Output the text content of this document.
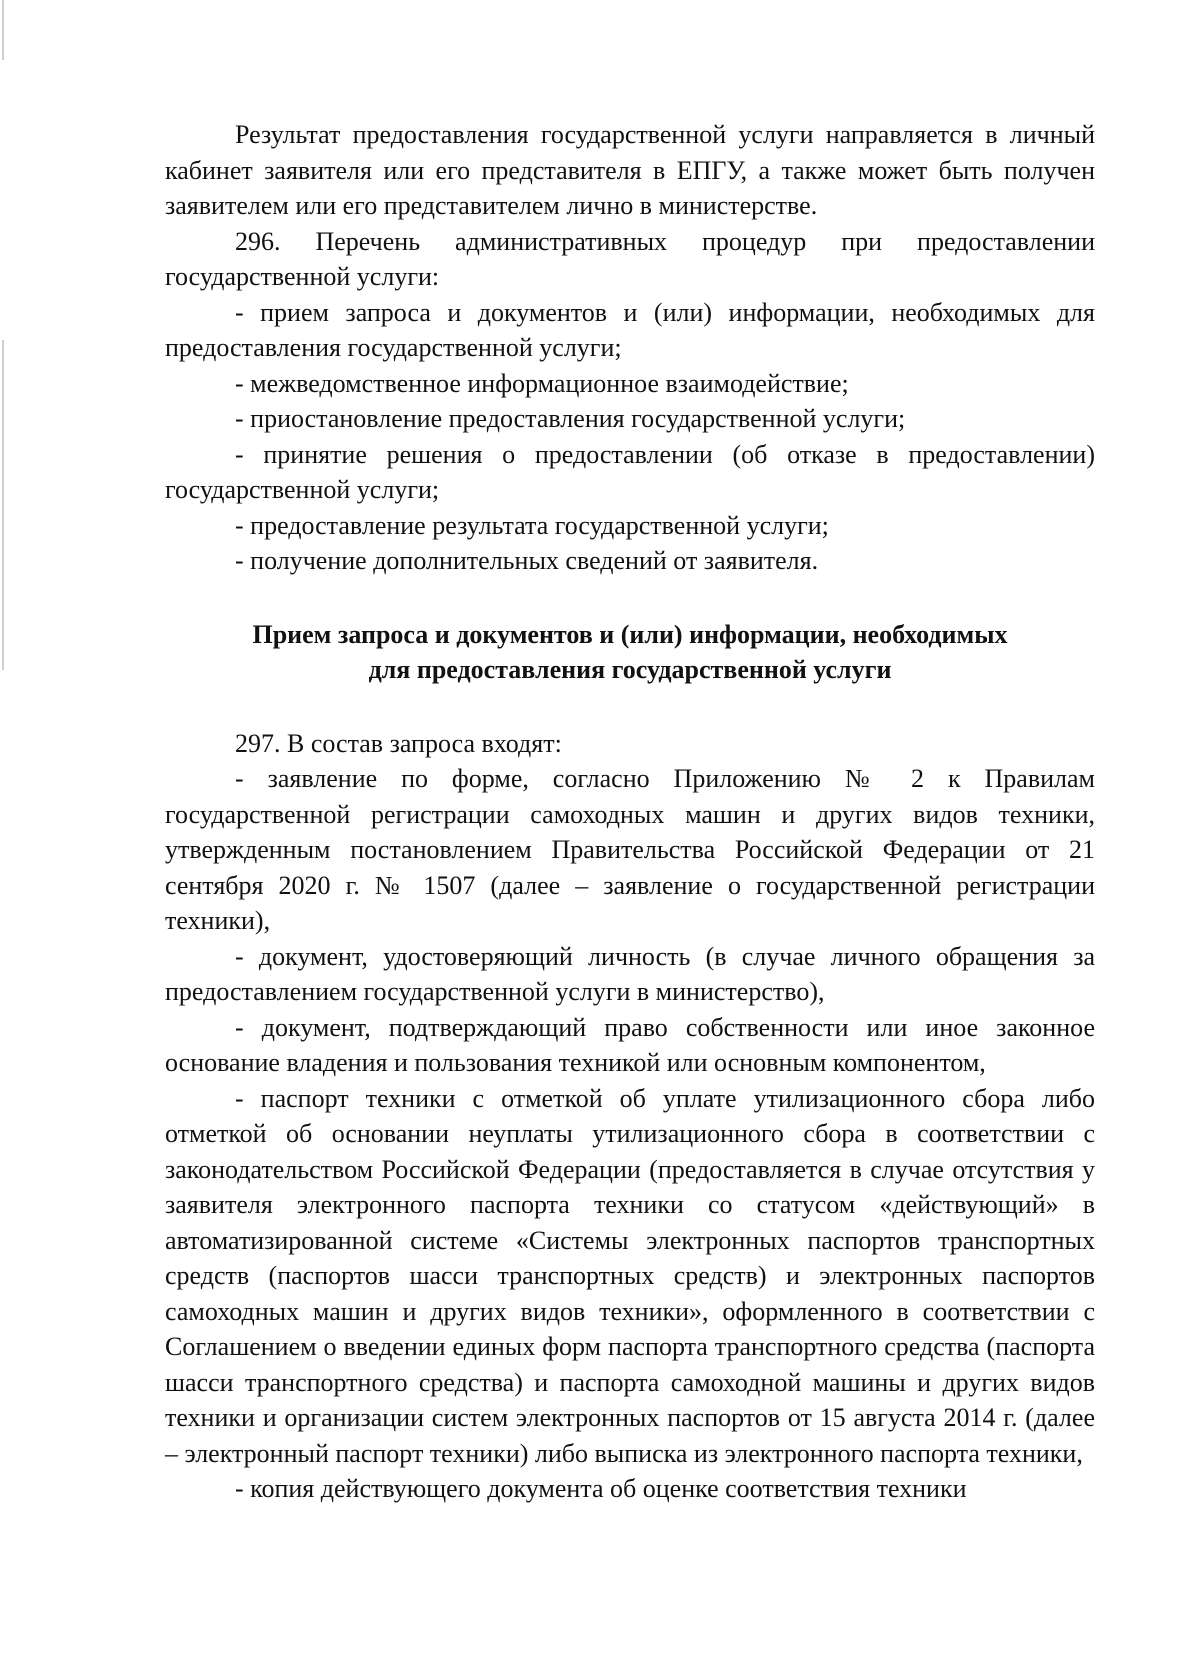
Результат предоставления государственной услуги направляется в личный кабинет заявителя или его представителя в ЕПГУ, а также может быть получен заявителем или его представителем лично в министерстве.

296. Перечень административных процедур при предоставлении государственной услуги:

- прием запроса и документов и (или) информации, необходимых для предоставления государственной услуги;

- межведомственное информационное взаимодействие;

- приостановление предоставления государственной услуги;

- принятие решения о предоставлении (об отказе в предоставлении) государственной услуги;

- предоставление результата государственной услуги;

- получение дополнительных сведений от заявителя.

Прием запроса и документов и (или) информации, необходимых
для предоставления государственной услуги

297. В состав запроса входят:

- заявление по форме, согласно Приложению № 2 к Правилам государственной регистрации самоходных машин и других видов техники, утвержденным постановлением Правительства Российской Федерации от 21 сентября 2020 г. № 1507 (далее – заявление о государственной регистрации техники),

- документ, удостоверяющий личность (в случае личного обращения за предоставлением государственной услуги в министерство),

- документ, подтверждающий право собственности или иное законное основание владения и пользования техникой или основным компонентом,

- паспорт техники с отметкой об уплате утилизационного сбора либо отметкой об основании неуплаты утилизационного сбора в соответствии с законодательством Российской Федерации (предоставляется в случае отсутствия у заявителя электронного паспорта техники со статусом «действующий» в автоматизированной системе «Системы электронных паспортов транспортных средств (паспортов шасси транспортных средств) и электронных паспортов самоходных машин и других видов техники», оформленного в соответствии с Соглашением о введении единых форм паспорта транспортного средства (паспорта шасси транспортного средства) и паспорта самоходной машины и других видов техники и организации систем электронных паспортов от 15 августа 2014 г. (далее – электронный паспорт техники) либо выписка из электронного паспорта техники,

- копия действующего документа об оценке соответствия техники
